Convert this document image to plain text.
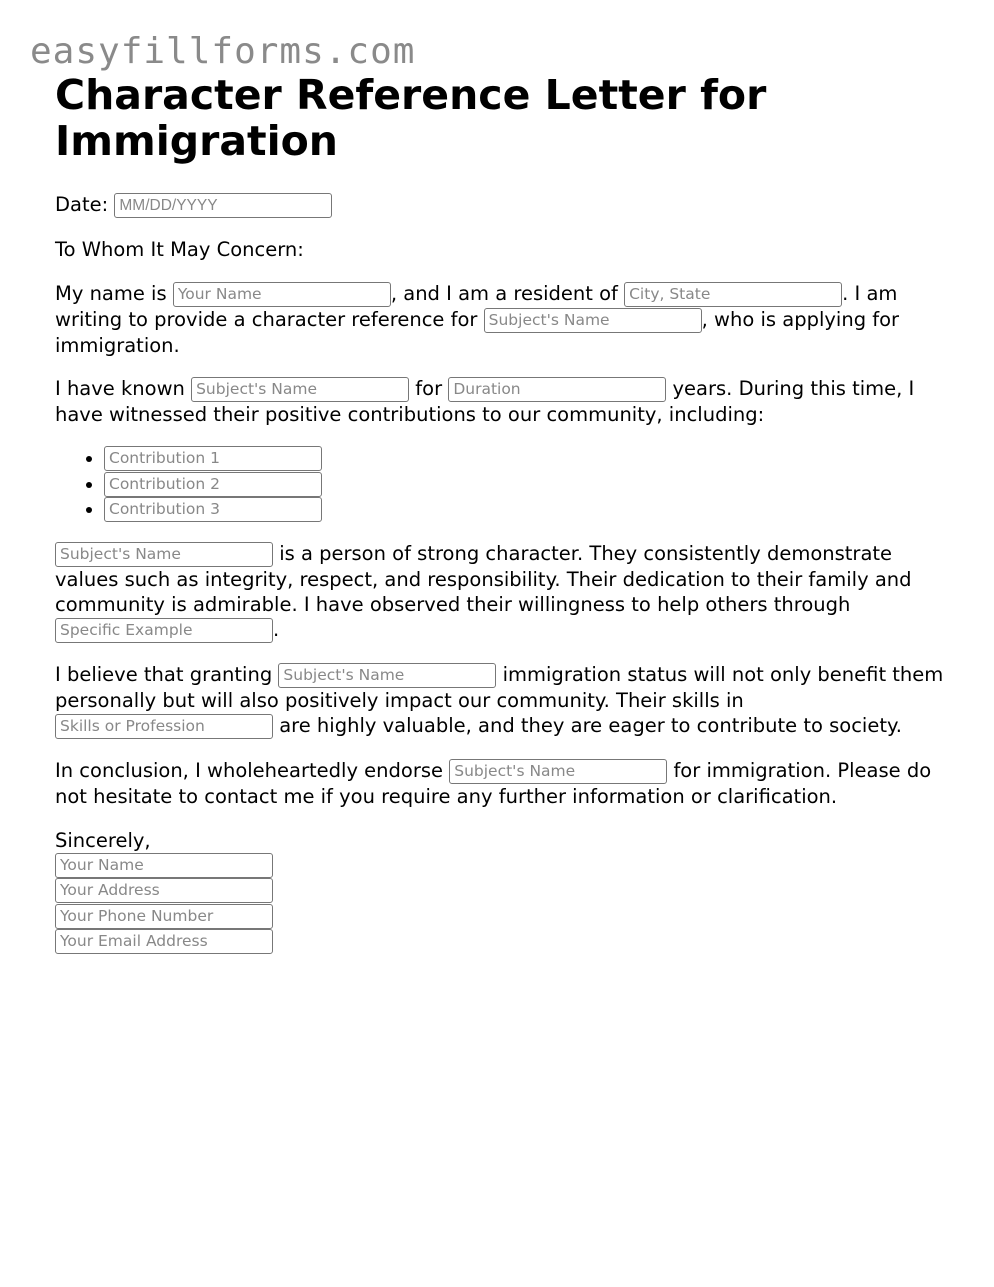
easyfillforms.com
Character Reference Letter for Immigration

Date: MM/DD/YYYY

To Whom It May Concern:

My name is Your Name	, and I am a resident of City, State	. I am writing to provide a character reference for Subject's Name	, who is applying for immigration.

I have known Subject's Name	for Duration	years. During this time, I have witnessed their positive contributions to our community, including:

• Contribution 1
• Contribution 2
• Contribution 3

Subject's Name	is a person of strong character. They consistently demonstrate values such as integrity, respect, and responsibility. Their dedication to their family and community is admirable. I have observed their willingness to help others through Specific Example	.

I believe that granting Subject's Name	immigration status will not only benefit them personally but will also positively impact our community. Their skills in Skills or Profession	are highly valuable, and they are eager to contribute to society.

In conclusion, I wholeheartedly endorse Subject's Name	for immigration. Please do not hesitate to contact me if you require any further information or clarification.

Sincerely,

Your Name
Your Address
Your Phone Number
Your Email Address
